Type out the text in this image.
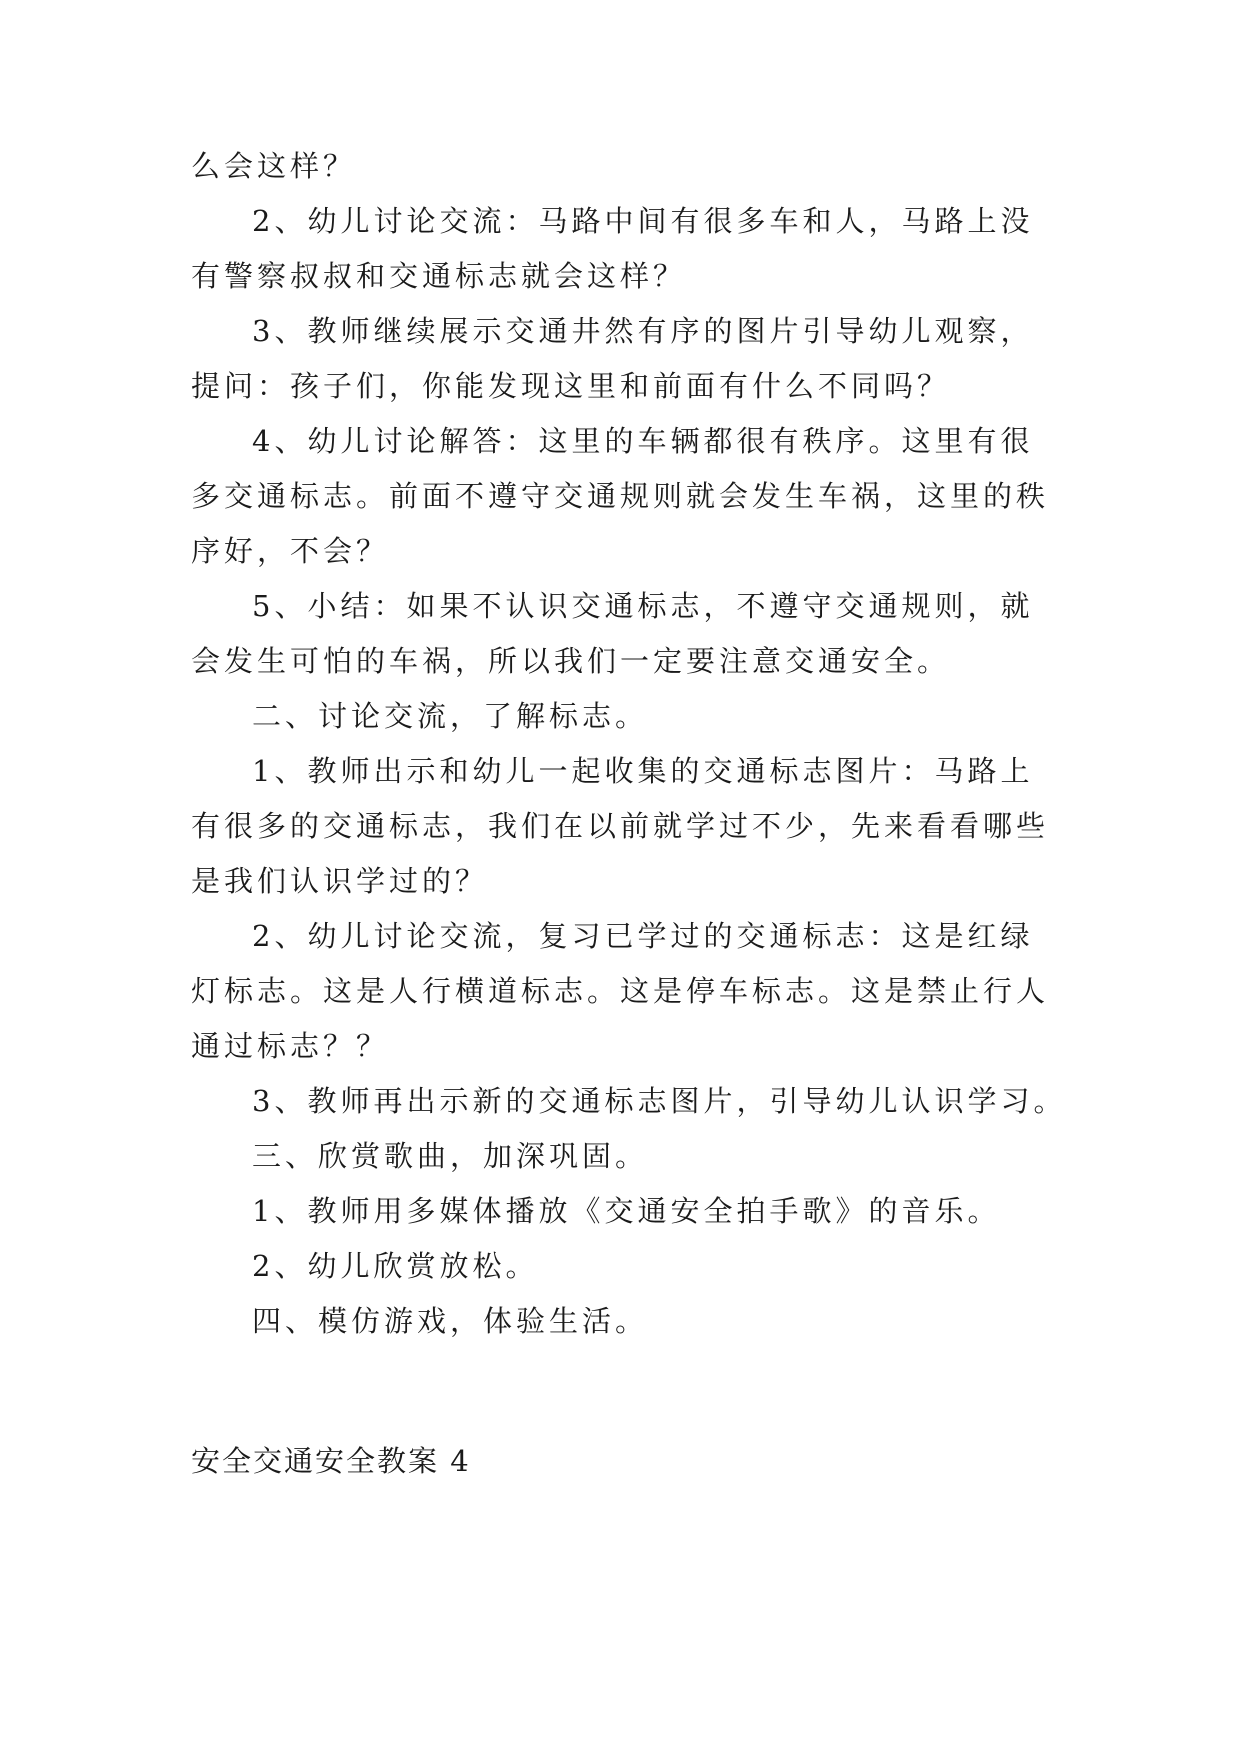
么会这样？

2、幼儿讨论交流：马路中间有很多车和人，马路上没

有警察叔叔和交通标志就会这样？

3、教师继续展示交通井然有序的图片引导幼儿观察，

提问：孩子们，你能发现这里和前面有什么不同吗？

4、幼儿讨论解答：这里的车辆都很有秩序。这里有很

多交通标志。前面不遵守交通规则就会发生车祸，这里的秩

序好，不会？

5、小结：如果不认识交通标志，不遵守交通规则，就

会发生可怕的车祸，所以我们一定要注意交通安全。

二、讨论交流，了解标志。

1、教师出示和幼儿一起收集的交通标志图片：马路上

有很多的交通标志，我们在以前就学过不少，先来看看哪些

是我们认识学过的？

2、幼儿讨论交流，复习已学过的交通标志：这是红绿

灯标志。这是人行横道标志。这是停车标志。这是禁止行人

通过标志？？

3、教师再出示新的交通标志图片，引导幼儿认识学习。

三、欣赏歌曲，加深巩固。

1、教师用多媒体播放《交通安全拍手歌》的音乐。

2、幼儿欣赏放松。

四、模仿游戏，体验生活。

安全交通安全教案 4
